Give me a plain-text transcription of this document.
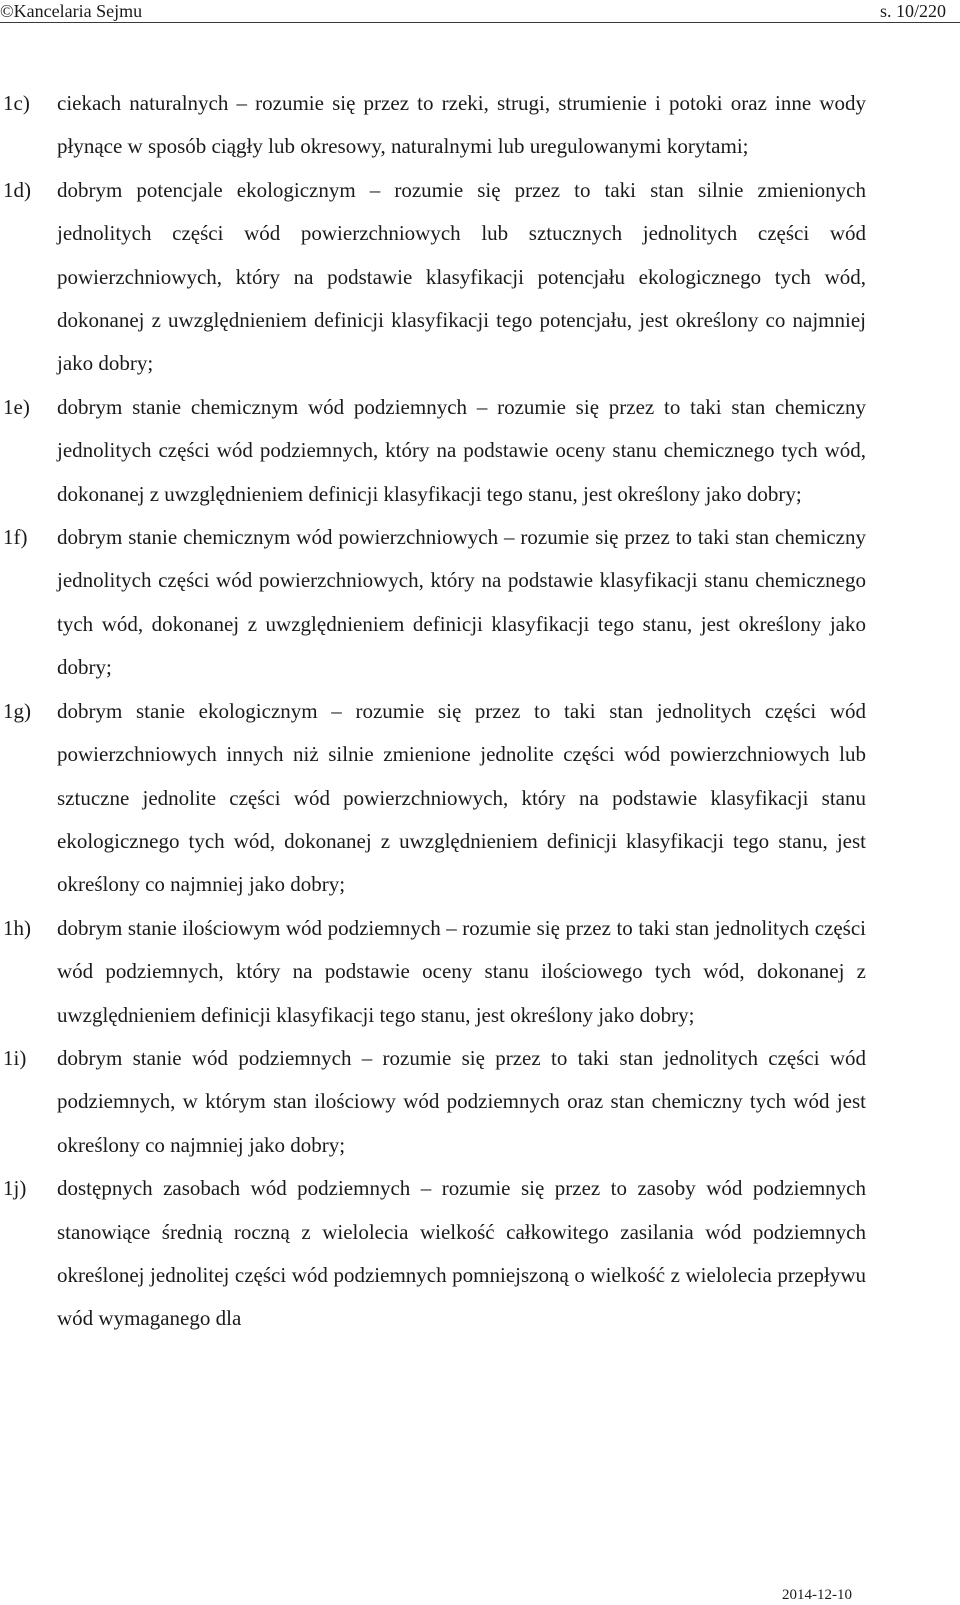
©Kancelaria Sejmu	s. 10/220
1c)	ciekach naturalnych – rozumie się przez to rzeki, strugi, strumienie i potoki oraz inne wody płynące w sposób ciągły lub okresowy, naturalnymi lub uregulowanymi korytami;

1d)	dobrym potencjale ekologicznym – rozumie się przez to taki stan silnie zmienionych jednolitych części wód powierzchniowych lub sztucznych jednolitych części wód powierzchniowych, który na podstawie klasyfikacji potencjału ekologicznego tych wód, dokonanej z uwzględnieniem definicji klasyfikacji tego potencjału, jest określony co najmniej jako dobry;

1e)	dobrym stanie chemicznym wód podziemnych – rozumie się przez to taki stan chemiczny jednolitych części wód podziemnych, który na podstawie oceny stanu chemicznego tych wód, dokonanej z uwzględnieniem definicji klasyfikacji tego stanu, jest określony jako dobry;

1f)	dobrym stanie chemicznym wód powierzchniowych – rozumie się przez to taki stan chemiczny jednolitych części wód powierzchniowych, który na podstawie klasyfikacji stanu chemicznego tych wód, dokonanej z uwzględnieniem definicji klasyfikacji tego stanu, jest określony jako dobry;

1g)	dobrym stanie ekologicznym – rozumie się przez to taki stan jednolitych części wód powierzchniowych innych niż silnie zmienione jednolite części wód powierzchniowych lub sztuczne jednolite części wód powierzchniowych, który na podstawie klasyfikacji stanu ekologicznego tych wód, dokonanej z uwzględnieniem definicji klasyfikacji tego stanu, jest określony co najmniej jako dobry;

1h)	dobrym stanie ilościowym wód podziemnych – rozumie się przez to taki stan jednolitych części wód podziemnych, który na podstawie oceny stanu ilościowego tych wód, dokonanej z uwzględnieniem definicji klasyfikacji tego stanu, jest określony jako dobry;

1i)	dobrym stanie wód podziemnych – rozumie się przez to taki stan jednolitych części wód podziemnych, w którym stan ilościowy wód podziemnych oraz stan chemiczny tych wód jest określony co najmniej jako dobry;

1j)	dostępnych zasobach wód podziemnych – rozumie się przez to zasoby wód podziemnych stanowiące średnią roczną z wielolecia wielkość całkowitego zasilania wód podziemnych określonej jednolitej części wód podziemnych pomniejszoną o wielkość z wielolecia przepływu wód wymaganego dla

2014-12-10
